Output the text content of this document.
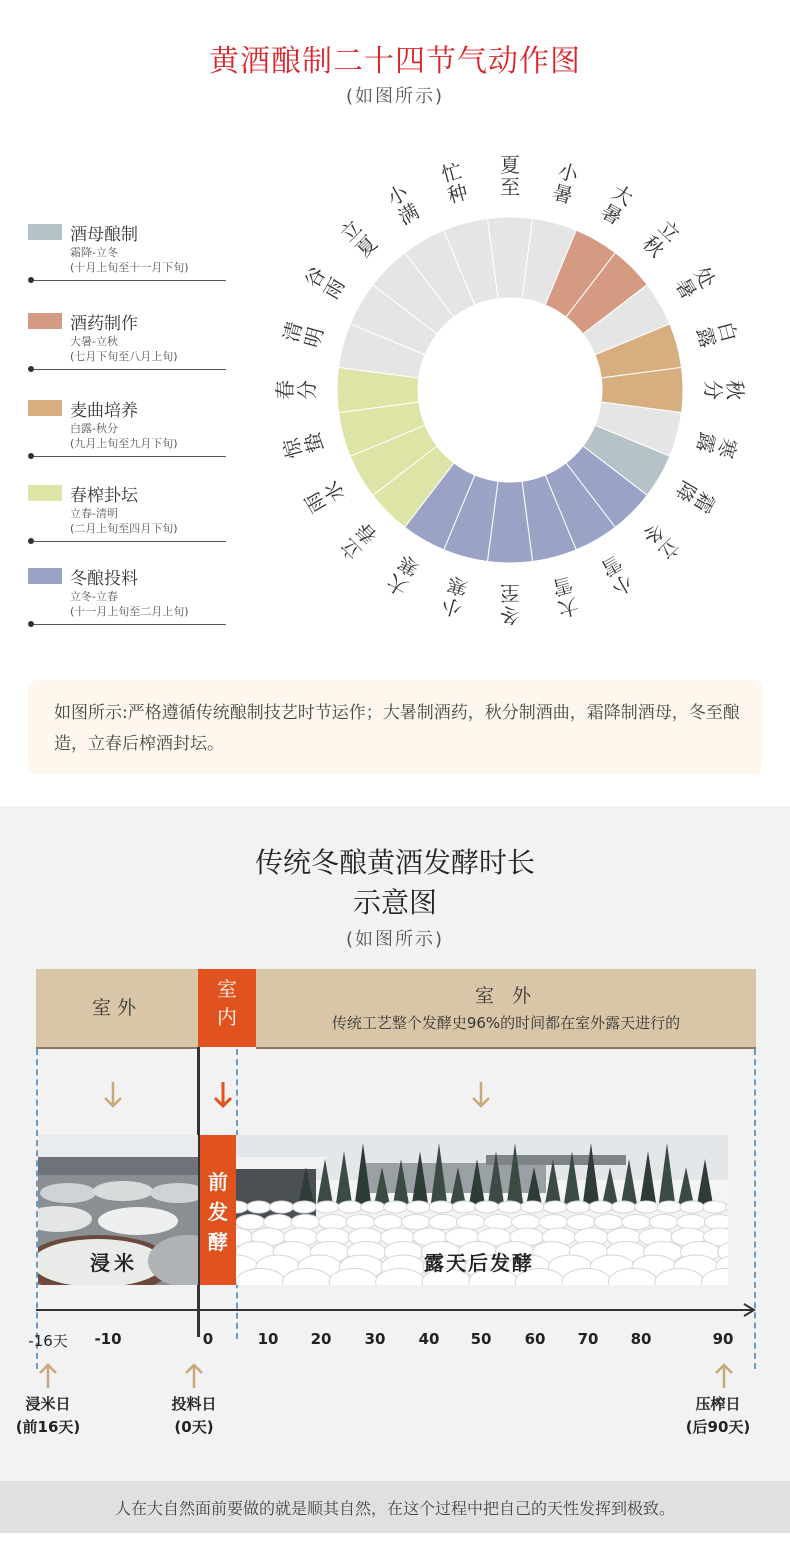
黄酒酿制二十四节气动作图
(如图所示)
酒母酿制
霜降-立冬
(十月上旬至十一月下旬)
酒药制作
大暑-立秋
(七月下旬至八月上旬)
麦曲培养
白露-秋分
(九月上旬至九月下旬)
春榨卦坛
立春-清明
(二月上旬至四月下旬)
冬酿投料
立冬-立春
(十一月上旬至二月上旬)
夏
至
小
暑 大
暑
立
秋
处
暑
白
露
秋
分
寒
露
霜
降
立
冬
小
雪
大
雪
冬
至
小
寒
大
寒
立
春
雨
水
惊
蛰
春
分
清
明
谷
雨
立
夏
小
满
忙
种
如图所示:严格遵循传统酿制技艺时节运作；大暑制酒药，秋分制酒曲，霜降制酒母，冬至酿造，立春后榨酒封坛。
传统冬酿黄酒发酵时长
示意图
(如图所示)
室外
室
内
室 外
传统工艺整个发酵史96%的时间都在室外露天进行的
浸米
前
发
酵
露天后发酵
-16天	-10	0	10	20	30	40	50	60	70	80	90
浸米日
(前16天)
投料日
(0天)
压榨日
(后90天)
人在大自然面前要做的就是顺其自然，在这个过程中把自己的天性发挥到极致。
